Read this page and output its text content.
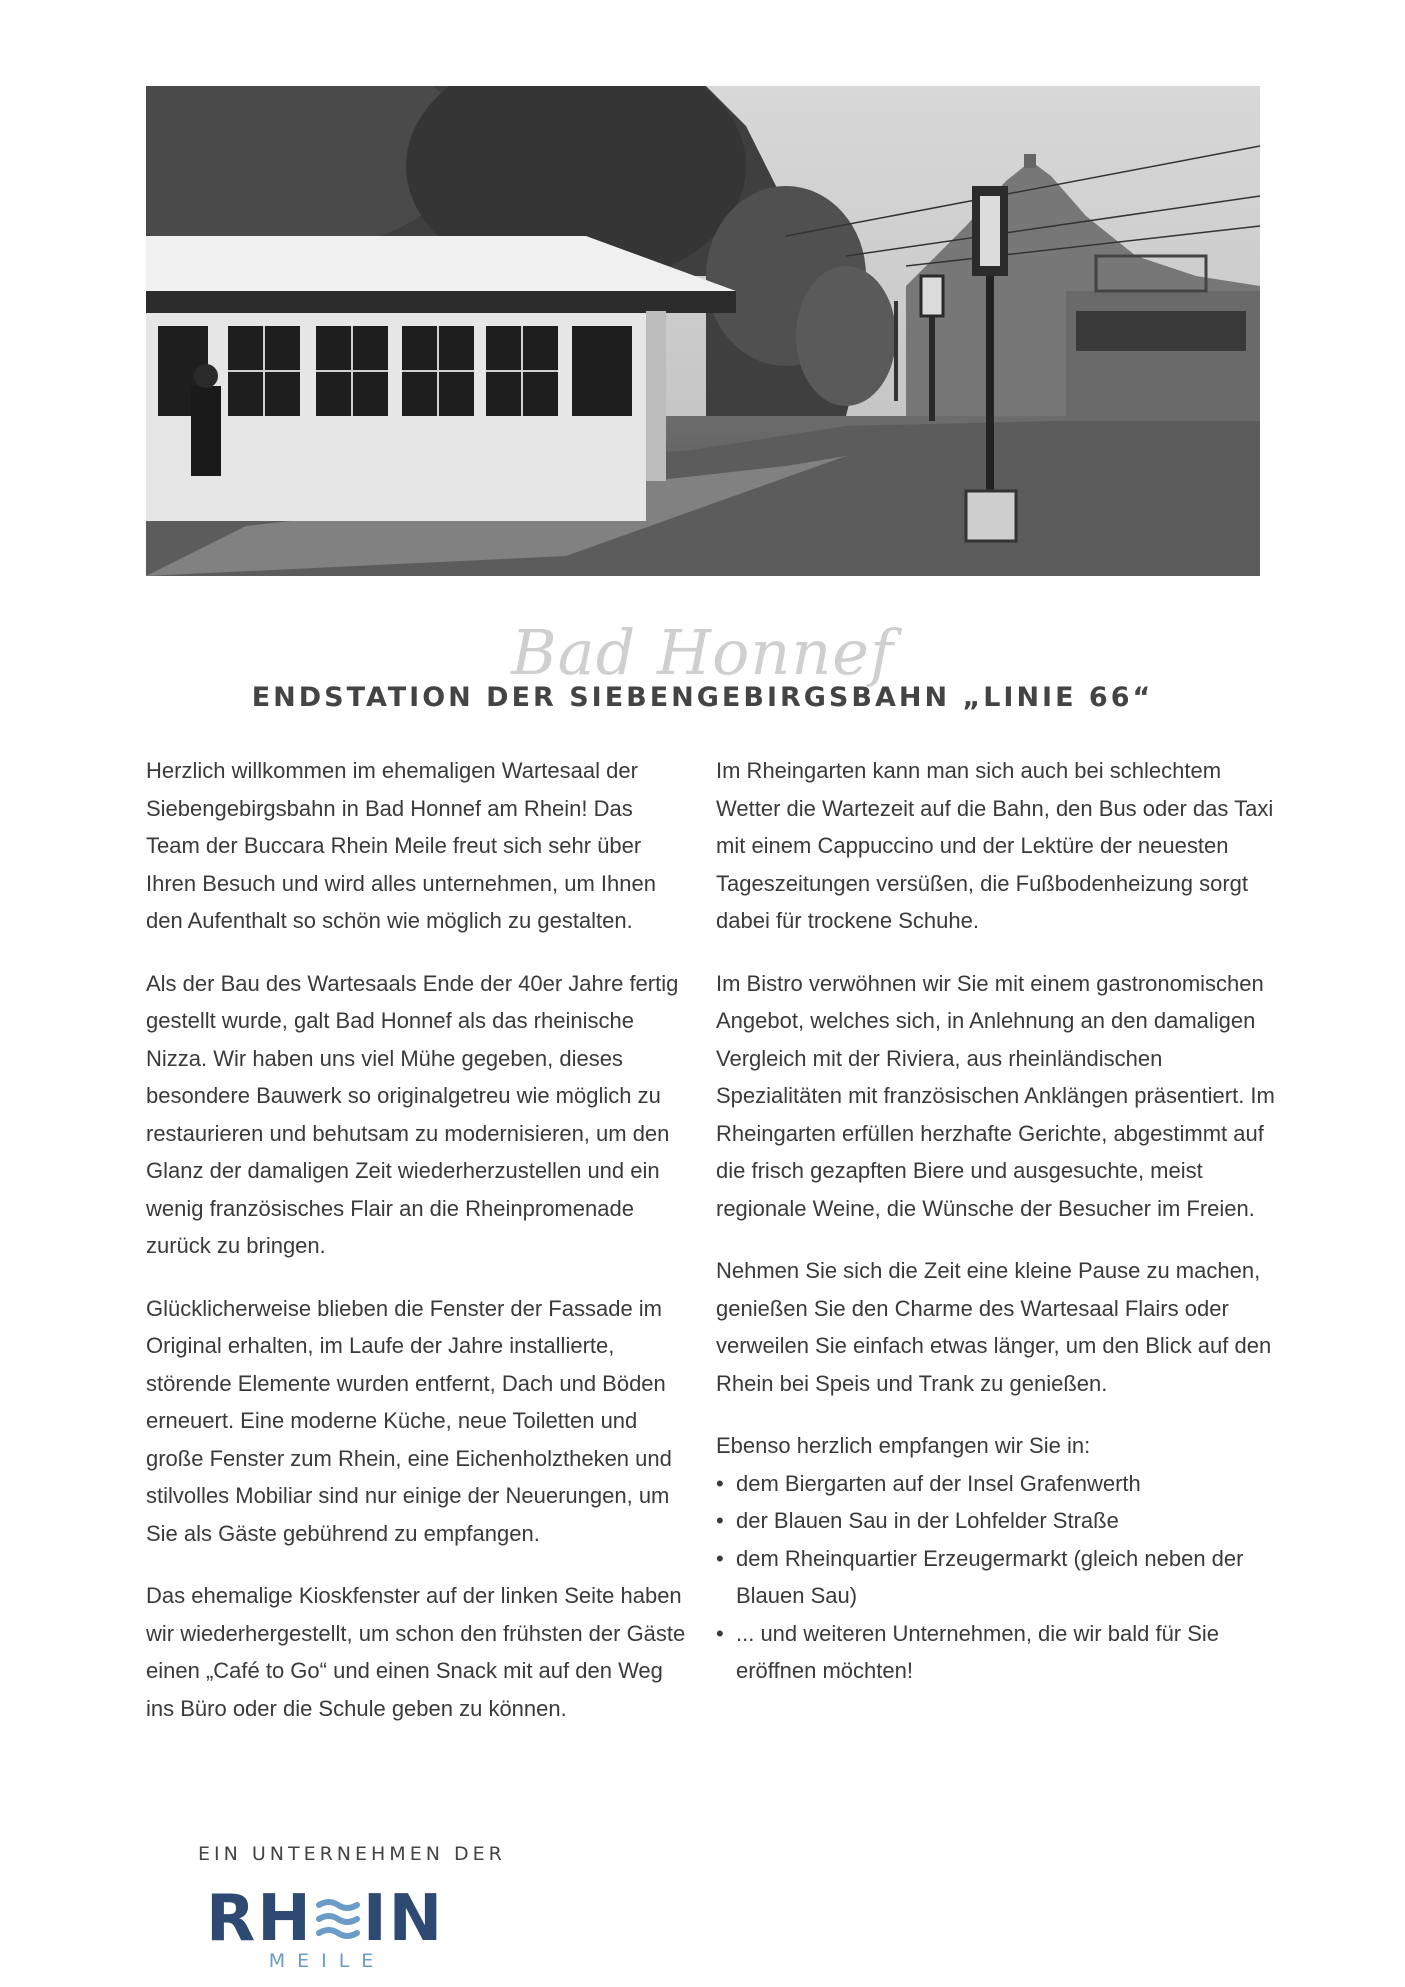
Bad Honnef
ENDSTATION DER SIEBENGEBIRGSBAHN „LINIE 66“

Herzlich willkommen im ehemaligen Wartesaal der Siebengebirgsbahn in Bad Honnef am Rhein! Das Team der Buccara Rhein Meile freut sich sehr über Ihren Besuch und wird alles unternehmen, um Ihnen den Aufenthalt so schön wie möglich zu gestalten.

Als der Bau des Wartesaals Ende der 40er Jahre fertig gestellt wurde, galt Bad Honnef als das rheinische Nizza. Wir haben uns viel Mühe gegeben, dieses besondere Bauwerk so originalgetreu wie möglich zu restaurieren und behutsam zu modernisieren, um den Glanz der damaligen Zeit wiederherzustellen und ein wenig französisches Flair an die Rheinpromenade zurück zu bringen.

Glücklicherweise blieben die Fenster der Fassade im Original erhalten, im Laufe der Jahre installierte, störende Elemente wurden entfernt, Dach und Böden erneuert. Eine moderne Küche, neue Toiletten und große Fenster zum Rhein, eine Eichenholztheken und stilvolles Mobiliar sind nur einige der Neuerungen, um Sie als Gäste gebührend zu empfangen.

Das ehemalige Kioskfenster auf der linken Seite haben wir wiederhergestellt, um schon den frühsten der Gäste einen „Café to Go“ und einen Snack mit auf den Weg ins Büro oder die Schule geben zu können.

Im Rheingarten kann man sich auch bei schlechtem Wetter die Wartezeit auf die Bahn, den Bus oder das Taxi mit einem Cappuccino und der Lektüre der neuesten Tageszeitungen versüßen, die Fußbodenheizung sorgt dabei für trockene Schuhe.

Im Bistro verwöhnen wir Sie mit einem gastronomischen Angebot, welches sich, in Anlehnung an den damaligen Vergleich mit der Riviera, aus rheinländischen Spezialitäten mit französischen Anklängen präsentiert. Im Rheingarten erfüllen herzhafte Gerichte, abgestimmt auf die frisch gezapften Biere und ausgesuchte, meist regionale Weine, die Wünsche der Besucher im Freien.

Nehmen Sie sich die Zeit eine kleine Pause zu machen, genießen Sie den Charme des Wartesaal Flairs oder verweilen Sie einfach etwas länger, um den Blick auf den Rhein bei Speis und Trank zu genießen.

Ebenso herzlich empfangen wir Sie in:

• dem Biergarten auf der Insel Grafenwerth
• der Blauen Sau in der Lohfelder Straße
• dem Rheinquartier Erzeugermarkt (gleich neben der Blauen Sau)
• ... und weiteren Unternehmen, die wir bald für Sie eröffnen möchten!
EIN UNTERNEHMEN DER
RH IN
MEILE
